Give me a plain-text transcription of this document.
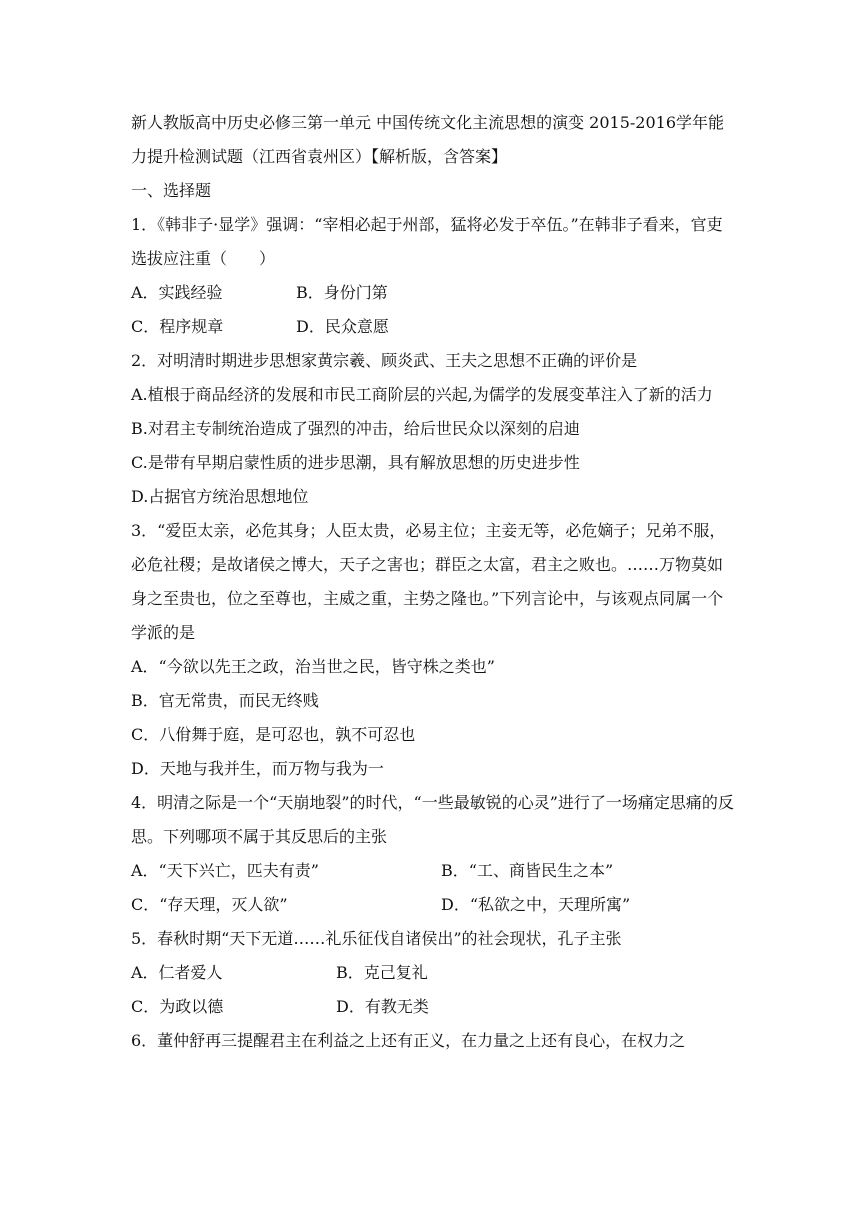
新人教版高中历史必修三第一单元 中国传统文化主流思想的演变 2015-2016学年能力提升检测试题（江西省袁州区）【解析版，含答案】

一、选择题

1．《韩非子·显学》强调：“宰相必起于州部，猛将必发于卒伍。”在韩非子看来，官吏选拔应注重（　　）

A．实践经验	B．身份门第
C．程序规章	D．民众意愿

2．对明清时期进步思想家黄宗羲、顾炎武、王夫之思想不正确的评价是

A.植根于商品经济的发展和市民工商阶层的兴起,为儒学的发展变革注入了新的活力

B.对君主专制统治造成了强烈的冲击，给后世民众以深刻的启迪

C.是带有早期启蒙性质的进步思潮，具有解放思想的历史进步性

D.占据官方统治思想地位

3．“爱臣太亲，必危其身；人臣太贵，必易主位；主妾无等，必危嫡子；兄弟不服，必危社稷；是故诸侯之博大，天子之害也；群臣之太富，君主之败也。……万物莫如身之至贵也，位之至尊也，主威之重，主势之隆也。”下列言论中，与该观点同属一个学派的是

A．“今欲以先王之政，治当世之民，皆守株之类也”

B．官无常贵，而民无终贱

C．八佾舞于庭，是可忍也，孰不可忍也

D．天地与我并生，而万物与我为一

4．明清之际是一个“天崩地裂”的时代，“一些最敏锐的心灵”进行了一场痛定思痛的反思。下列哪项不属于其反思后的主张

A．“天下兴亡，匹夫有责”	B．“工、商皆民生之本”
C．“存天理，灭人欲”	D．“私欲之中，天理所寓”

5．春秋时期“天下无道……礼乐征伐自诸侯出”的社会现状，孔子主张

A．仁者爱人	B．克己复礼
C．为政以德	D．有教无类

6．董仲舒再三提醒君主在利益之上还有正义，在力量之上还有良心，在权力之
